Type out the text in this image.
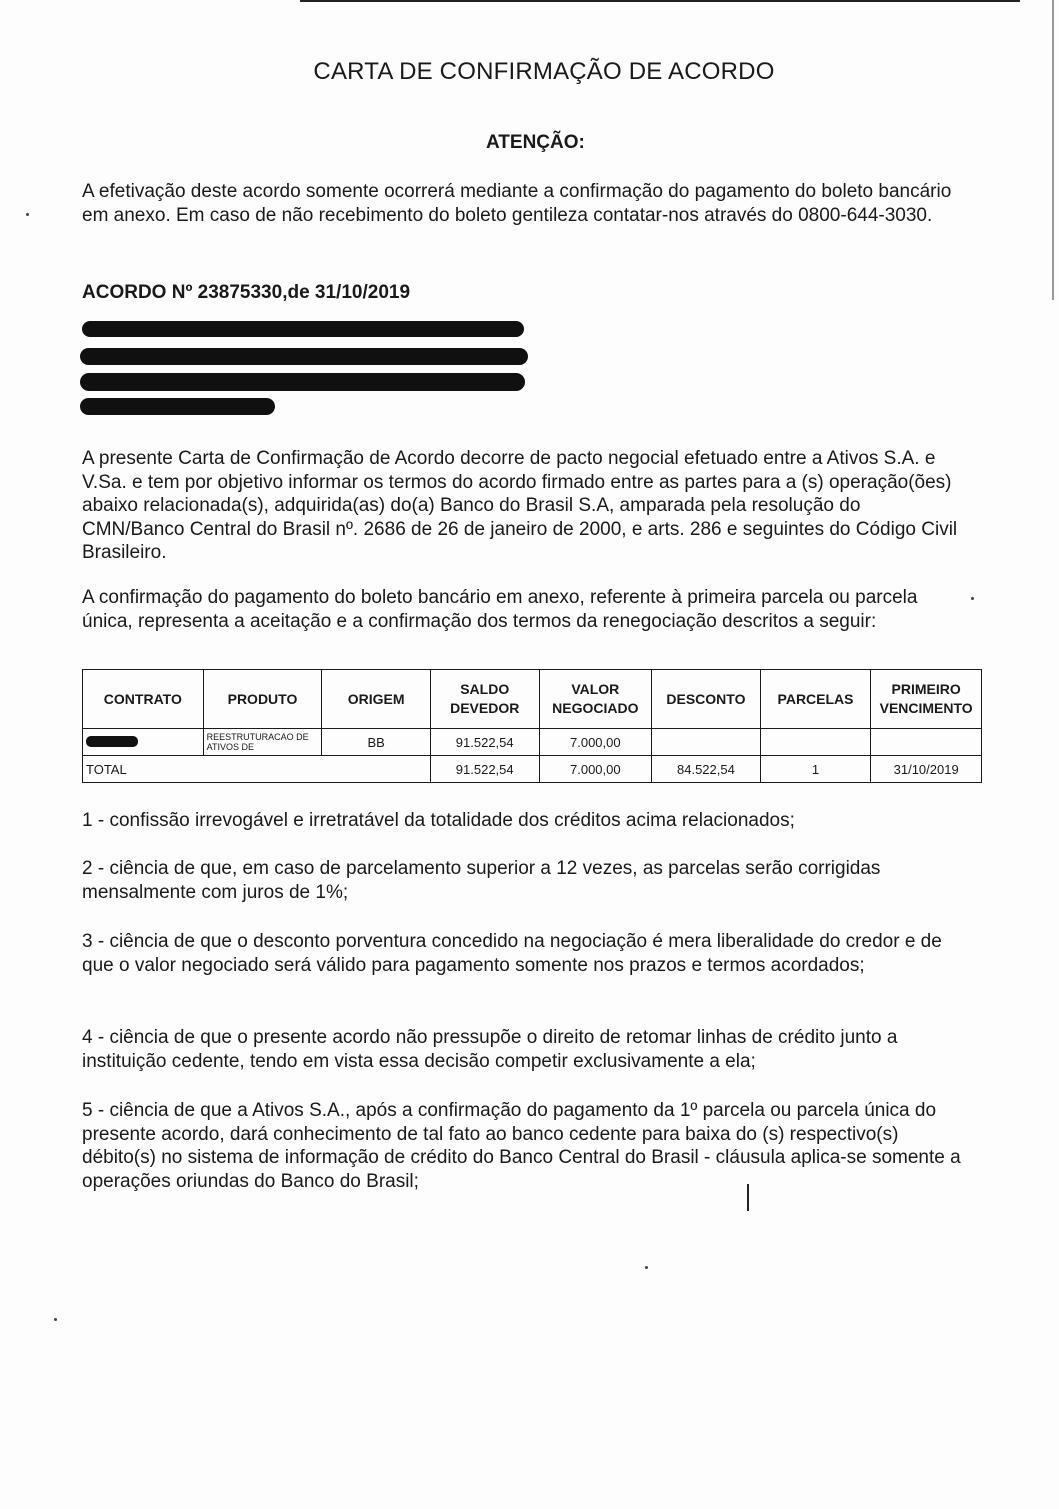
CARTA DE CONFIRMAÇÃO DE ACORDO
ATENÇÃO:
A efetivação deste acordo somente ocorrerá mediante a confirmação do pagamento do boleto bancário em anexo. Em caso de não recebimento do boleto gentileza contatar-nos através do 0800-644-3030.
ACORDO Nº 23875330,de 31/10/2019
A presente Carta de Confirmação de Acordo decorre de pacto negocial efetuado entre a Ativos S.A. e V.Sa. e tem por objetivo informar os termos do acordo firmado entre as partes para a (s) operação(ões) abaixo relacionada(s), adquirida(as) do(a) Banco do Brasil S.A, amparada pela resolução do CMN/Banco Central do Brasil nº. 2686 de 26 de janeiro de 2000, e arts. 286 e seguintes do Código Civil Brasileiro.
A confirmação do pagamento do boleto bancário em anexo, referente à primeira parcela ou parcela única, representa a aceitação e a confirmação dos termos da renegociação descritos a seguir:
CONTRATO	PRODUTO	ORIGEM	SALDO DEVEDOR	VALOR NEGOCIADO	DESCONTO	PARCELAS	PRIMEIRO VENCIMENTO
	REESTRUTURACAO DE ATIVOS DE	BB	91.522,54	7.000,00			
TOTAL			91.522,54	7.000,00	84.522,54	1	31/10/2019
1 - confissão irrevogável e irretratável da totalidade dos créditos acima relacionados;
2 - ciência de que, em caso de parcelamento superior a 12 vezes, as parcelas serão corrigidas mensalmente com juros de 1%;
3 - ciência de que o desconto porventura concedido na negociação é mera liberalidade do credor e de que o valor negociado será válido para pagamento somente nos prazos e termos acordados;
4 - ciência de que o presente acordo não pressupõe o direito de retomar linhas de crédito junto a instituição cedente, tendo em vista essa decisão competir exclusivamente a ela;
5 - ciência de que a Ativos S.A., após a confirmação do pagamento da 1º parcela ou parcela única do presente acordo, dará conhecimento de tal fato ao banco cedente para baixa do (s) respectivo(s) débito(s) no sistema de informação de crédito do Banco Central do Brasil - cláusula aplica-se somente a operações oriundas do Banco do Brasil;
